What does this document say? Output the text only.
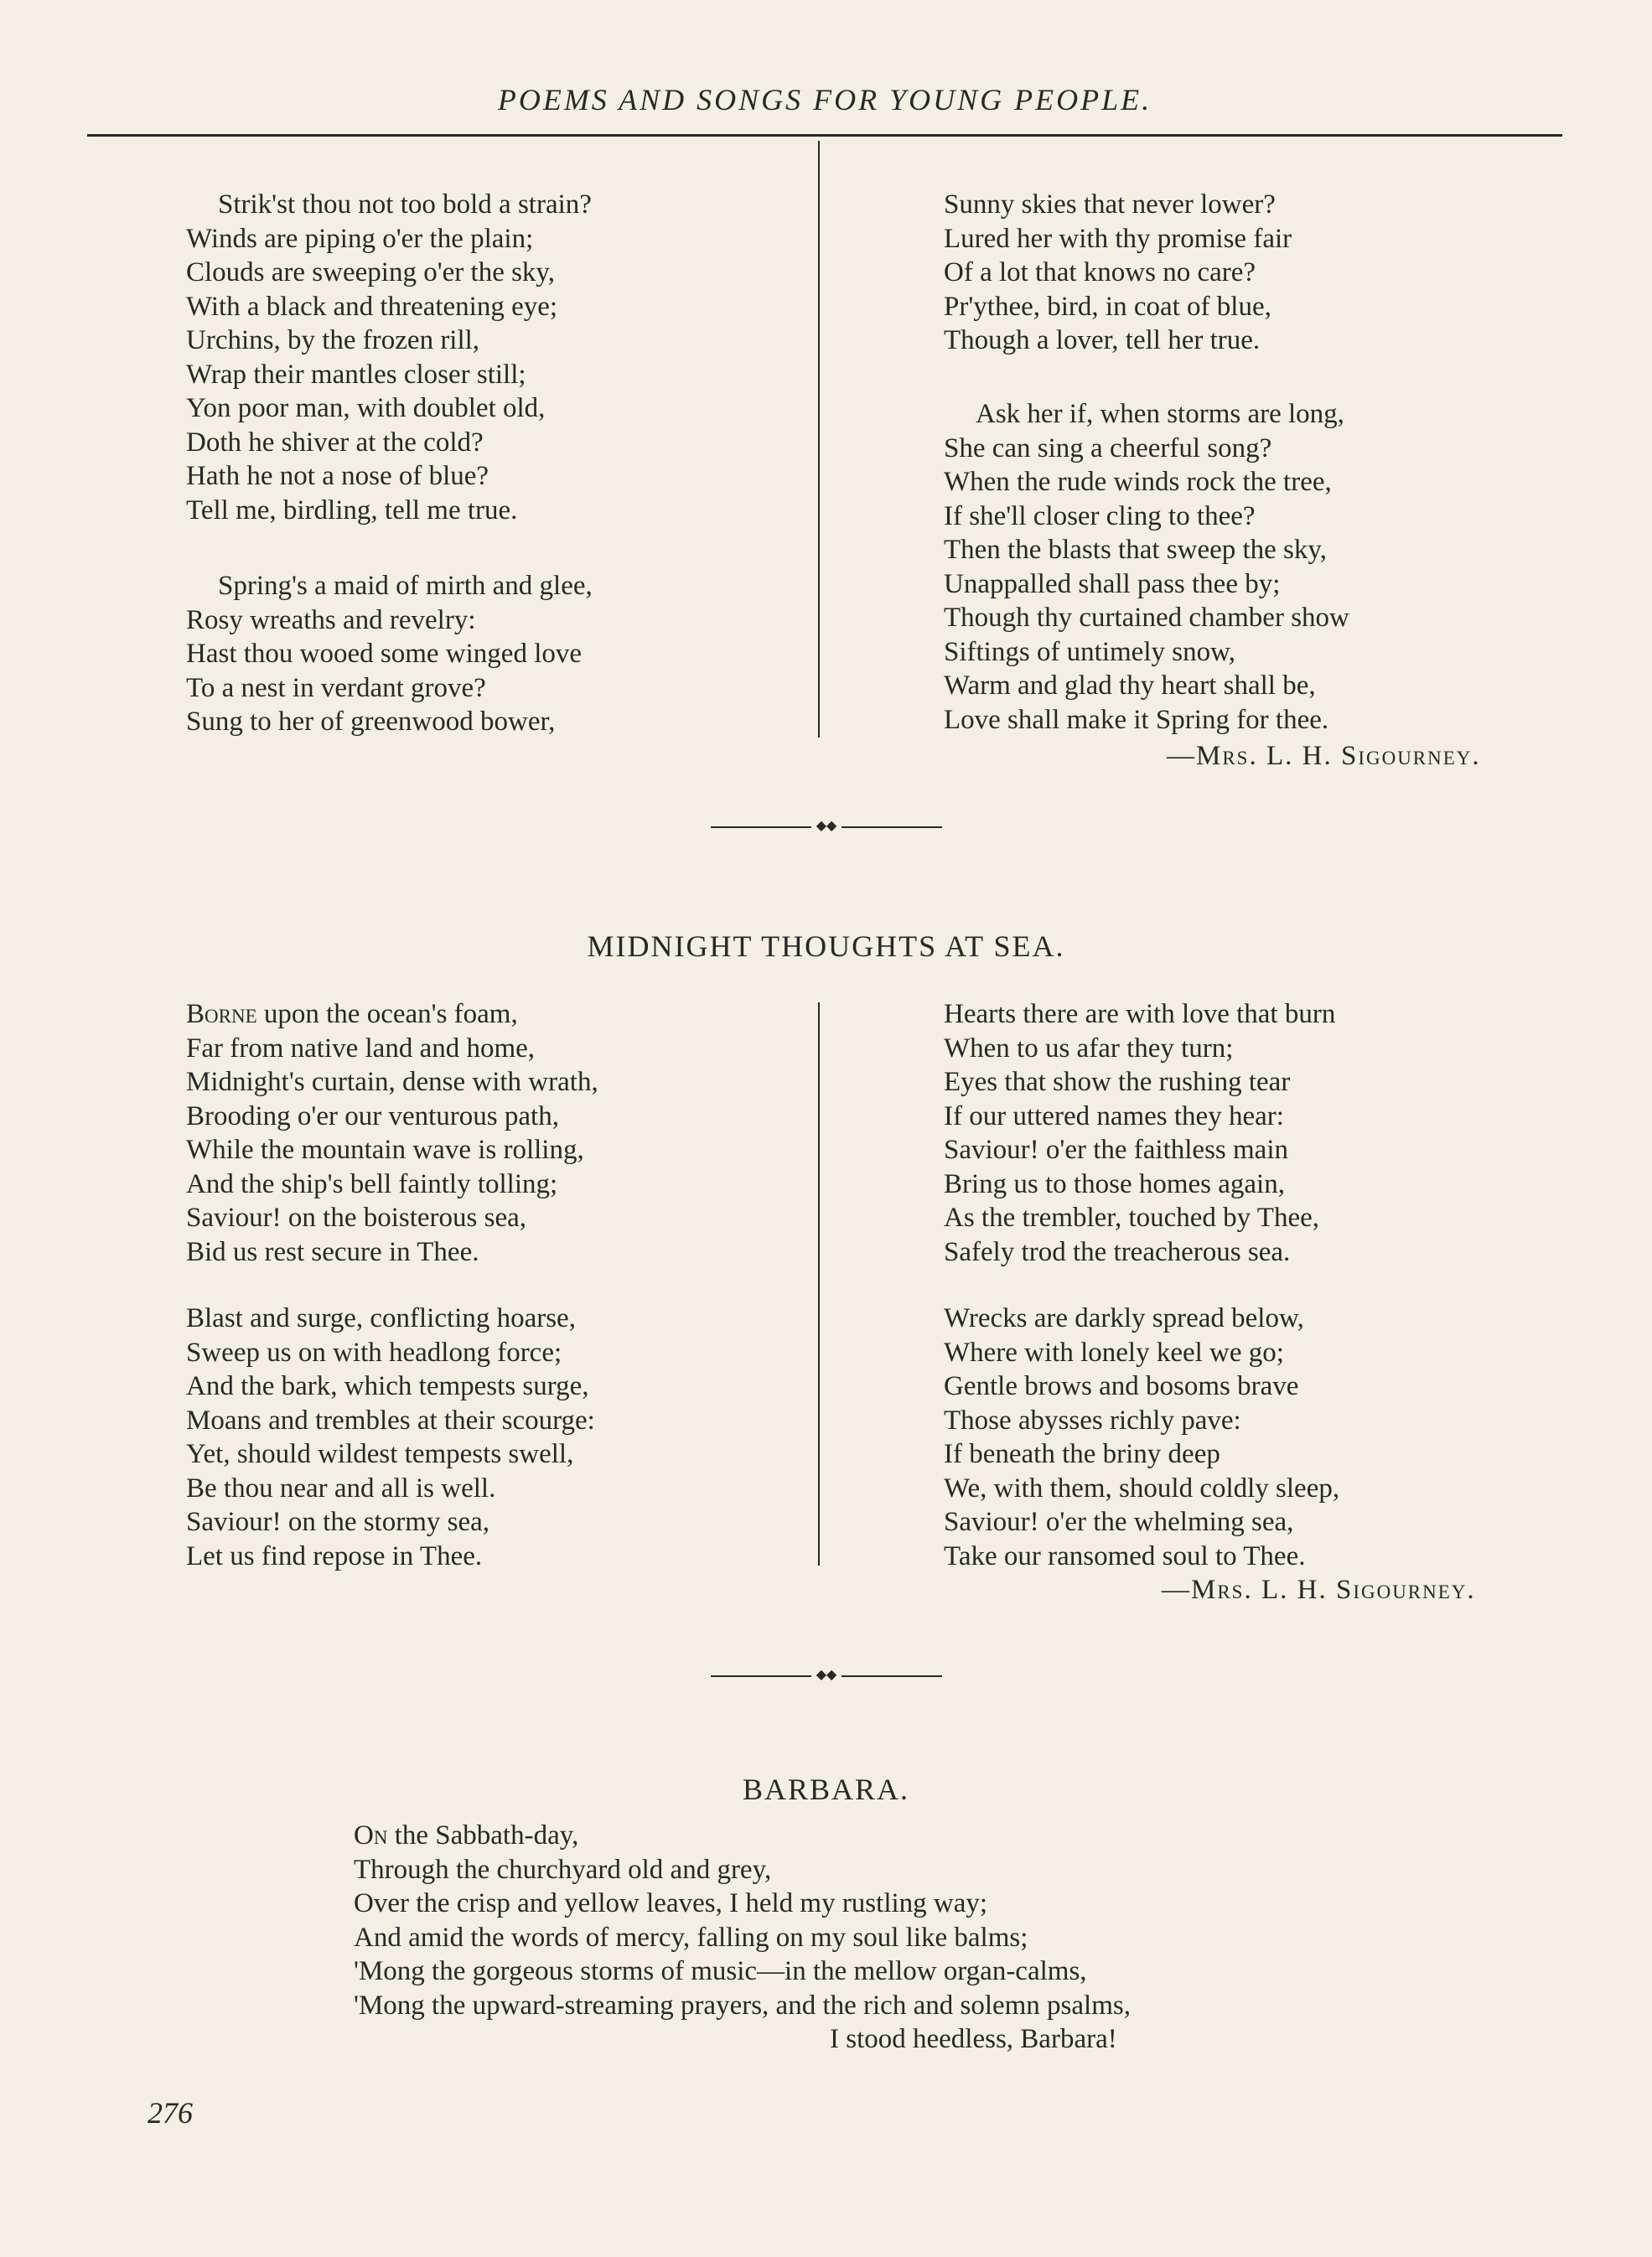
POEMS AND SONGS FOR YOUNG PEOPLE.
Strik'st thou not too bold a strain?
Winds are piping o'er the plain;
Clouds are sweeping o'er the sky,
With a black and threatening eye;
Urchins, by the frozen rill,
Wrap their mantles closer still;
Yon poor man, with doublet old,
Doth he shiver at the cold?
Hath he not a nose of blue?
Tell me, birdling, tell me true.
Spring's a maid of mirth and glee,
Rosy wreaths and revelry:
Hast thou wooed some winged love
To a nest in verdant grove?
Sung to her of greenwood bower,
Sunny skies that never lower?
Lured her with thy promise fair
Of a lot that knows no care?
Pr'ythee, bird, in coat of blue,
Though a lover, tell her true.
Ask her if, when storms are long,
She can sing a cheerful song?
When the rude winds rock the tree,
If she'll closer cling to thee?
Then the blasts that sweep the sky,
Unappalled shall pass thee by;
Though thy curtained chamber show
Siftings of untimely snow,
Warm and glad thy heart shall be,
Love shall make it Spring for thee.
—Mrs. L. H. Sigourney.
◆◆
MIDNIGHT THOUGHTS AT SEA.
Borne upon the ocean's foam,
Far from native land and home,
Midnight's curtain, dense with wrath,
Brooding o'er our venturous path,
While the mountain wave is rolling,
And the ship's bell faintly tolling;
Saviour! on the boisterous sea,
Bid us rest secure in Thee.
Blast and surge, conflicting hoarse,
Sweep us on with headlong force;
And the bark, which tempests surge,
Moans and trembles at their scourge:
Yet, should wildest tempests swell,
Be thou near and all is well.
Saviour! on the stormy sea,
Let us find repose in Thee.
Hearts there are with love that burn
When to us afar they turn;
Eyes that show the rushing tear
If our uttered names they hear:
Saviour! o'er the faithless main
Bring us to those homes again,
As the trembler, touched by Thee,
Safely trod the treacherous sea.
Wrecks are darkly spread below,
Where with lonely keel we go;
Gentle brows and bosoms brave
Those abysses richly pave:
If beneath the briny deep
We, with them, should coldly sleep,
Saviour! o'er the whelming sea,
Take our ransomed soul to Thee.
—Mrs. L. H. Sigourney.
◆◆
BARBARA.
On the Sabbath-day,
Through the churchyard old and grey,
Over the crisp and yellow leaves, I held my rustling way;
And amid the words of mercy, falling on my soul like balms;
'Mong the gorgeous storms of music—in the mellow organ-calms,
'Mong the upward-streaming prayers, and the rich and solemn psalms,
I stood heedless, Barbara!
276
